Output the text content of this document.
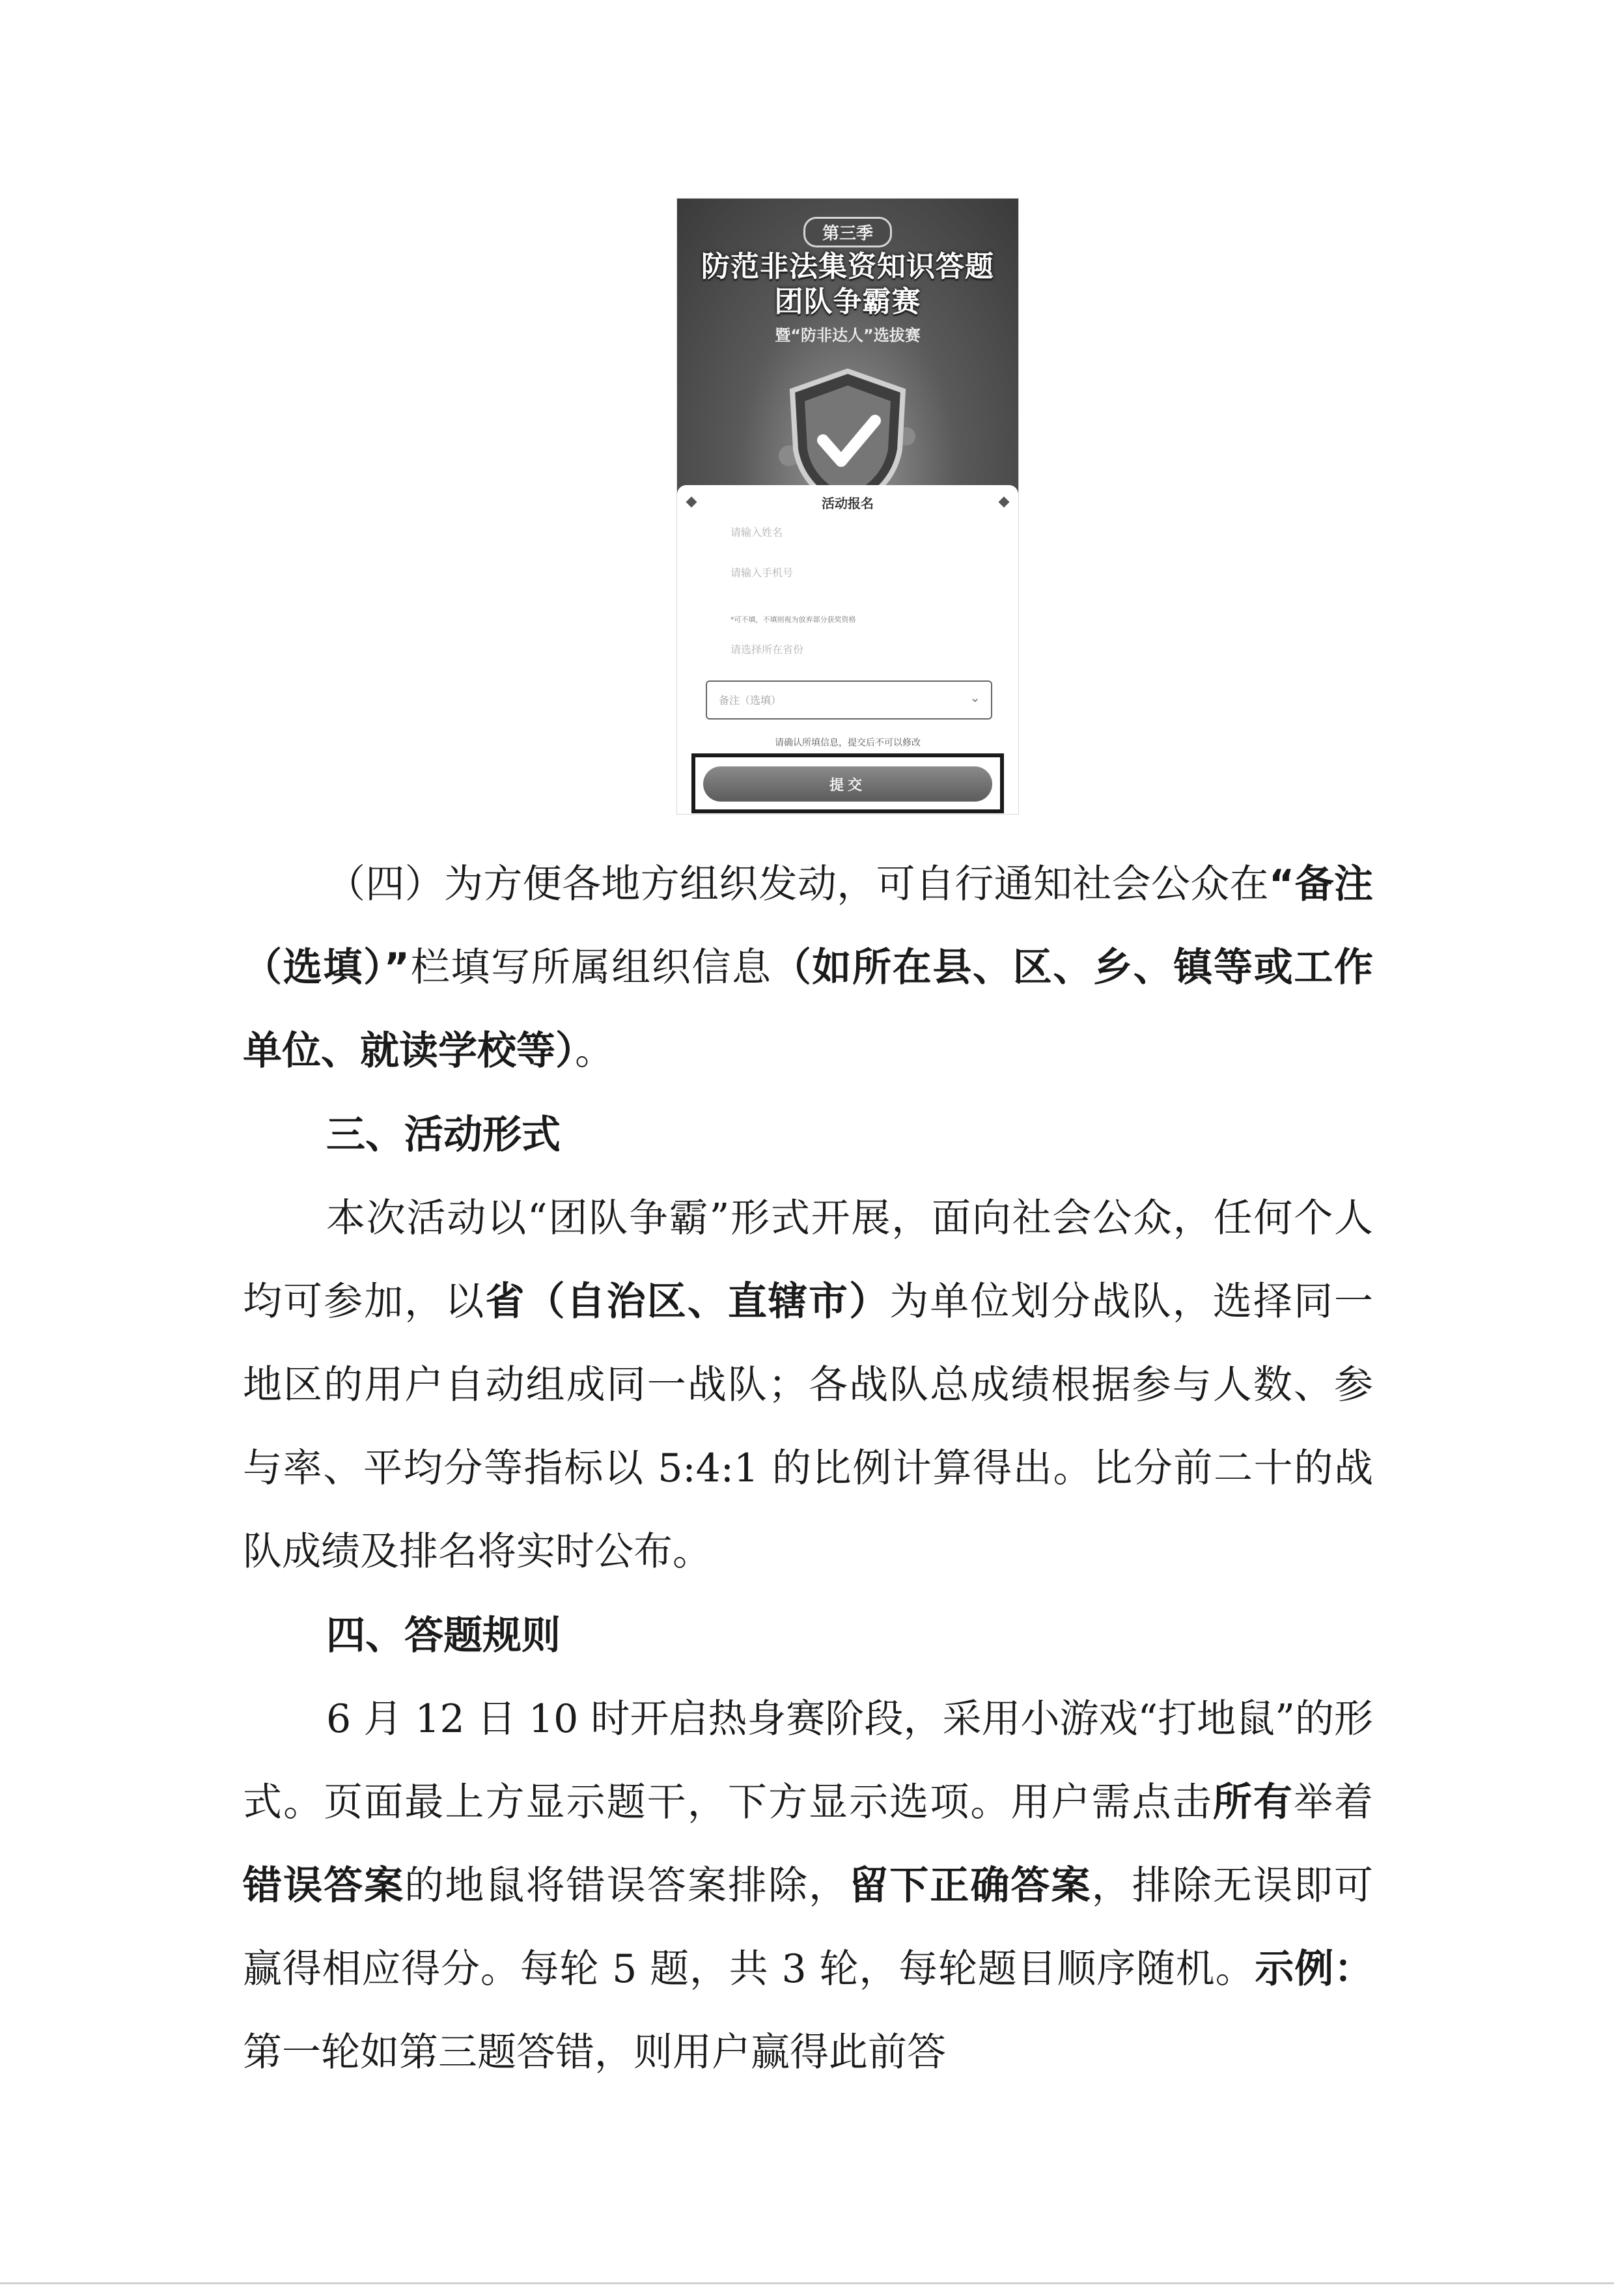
第三季
防范非法集资知识答题
团队争霸赛
暨“防非达人”选拔赛
活动报名
请输入姓名
请输入手机号
*可不填，不填则视为放弃部分获奖资格
请选择所在省份
备注（选填）	⌄
请确认所填信息，提交后不可以修改
提交
（四）为方便各地方组织发动，可自行通知社会公众在“备注（选填）”栏填写所属组织信息（如所在县、区、乡、镇等或工作单位、就读学校等）。
三、活动形式
本次活动以“团队争霸”形式开展，面向社会公众，任何个人均可参加，以省（自治区、直辖市）为单位划分战队，选择同一地区的用户自动组成同一战队；各战队总成绩根据参与人数、参与率、平均分等指标以 5:4:1 的比例计算得出。比分前二十的战队成绩及排名将实时公布。
四、答题规则
6 月 12 日 10 时开启热身赛阶段，采用小游戏“打地鼠”的形式。页面最上方显示题干，下方显示选项。用户需点击所有举着错误答案的地鼠将错误答案排除，留下正确答案，排除无误即可赢得相应得分。每轮 5 题，共 3 轮，每轮题目顺序随机。示例：第一轮如第三题答错，则用户赢得此前答
